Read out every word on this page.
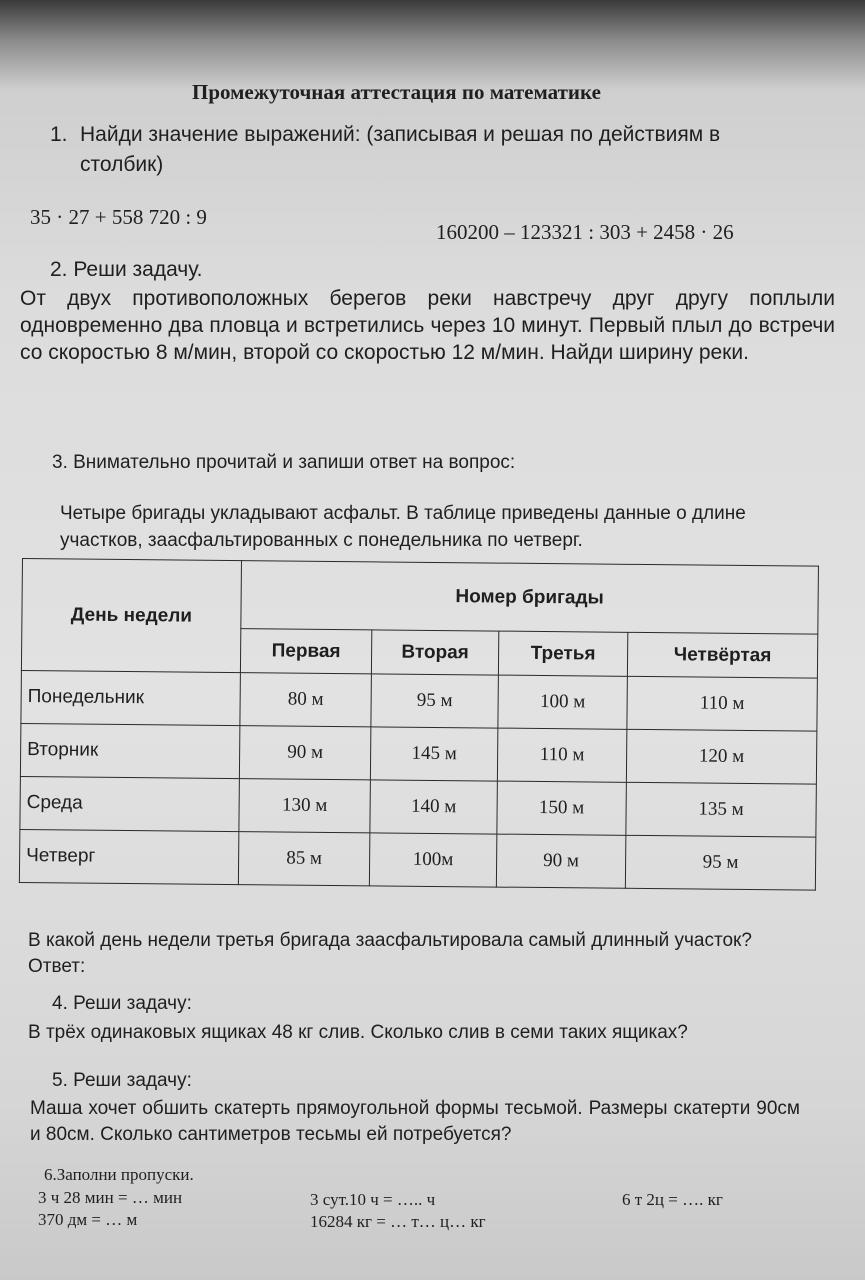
Промежуточная аттестация по математике
1. Найди значение выражений: (записывая и решая по действиям в столбик)
35 · 27 + 558 720 : 9
160200 – 123321 : 303 + 2458 · 26
2. Реши задачу.
От двух противоположных берегов реки навстречу друг другу поплыли одновременно два пловца и встретились через 10 минут. Первый плыл до встречи со скоростью 8 м/мин, второй со скоростью 12 м/мин. Найди ширину реки.
3. Внимательно прочитай и запиши ответ на вопрос:
Четыре бригады укладывают асфальт. В таблице приведены данные о длине участков, заасфальтированных с понедельника по четверг.
День недели	Номер бригады			
	Первая	Вторая	Третья	Четвёртая
Понедельник	80 м	95 м	100 м	110 м
Вторник	90 м	145 м	110 м	120 м
Среда	130 м	140 м	150 м	135 м
Четверг	85 м	100м	90 м	95 м
В какой день недели третья бригада заасфальтировала самый длинный участок?     Ответ:
4. Реши задачу:
В трёх одинаковых ящиках 48 кг слив. Сколько слив в семи таких ящиках?
5. Реши задачу:
Маша хочет обшить скатерть прямоугольной формы тесьмой. Размеры скатерти 90см и 80см. Сколько сантиметров тесьмы ей потребуется?
6.Заполни пропуски.
3 ч 28 мин = … мин
370 дм = … м
3 сут.10 ч = ….. ч
16284 кг = … т… ц… кг
6 т 2ц = …. кг
